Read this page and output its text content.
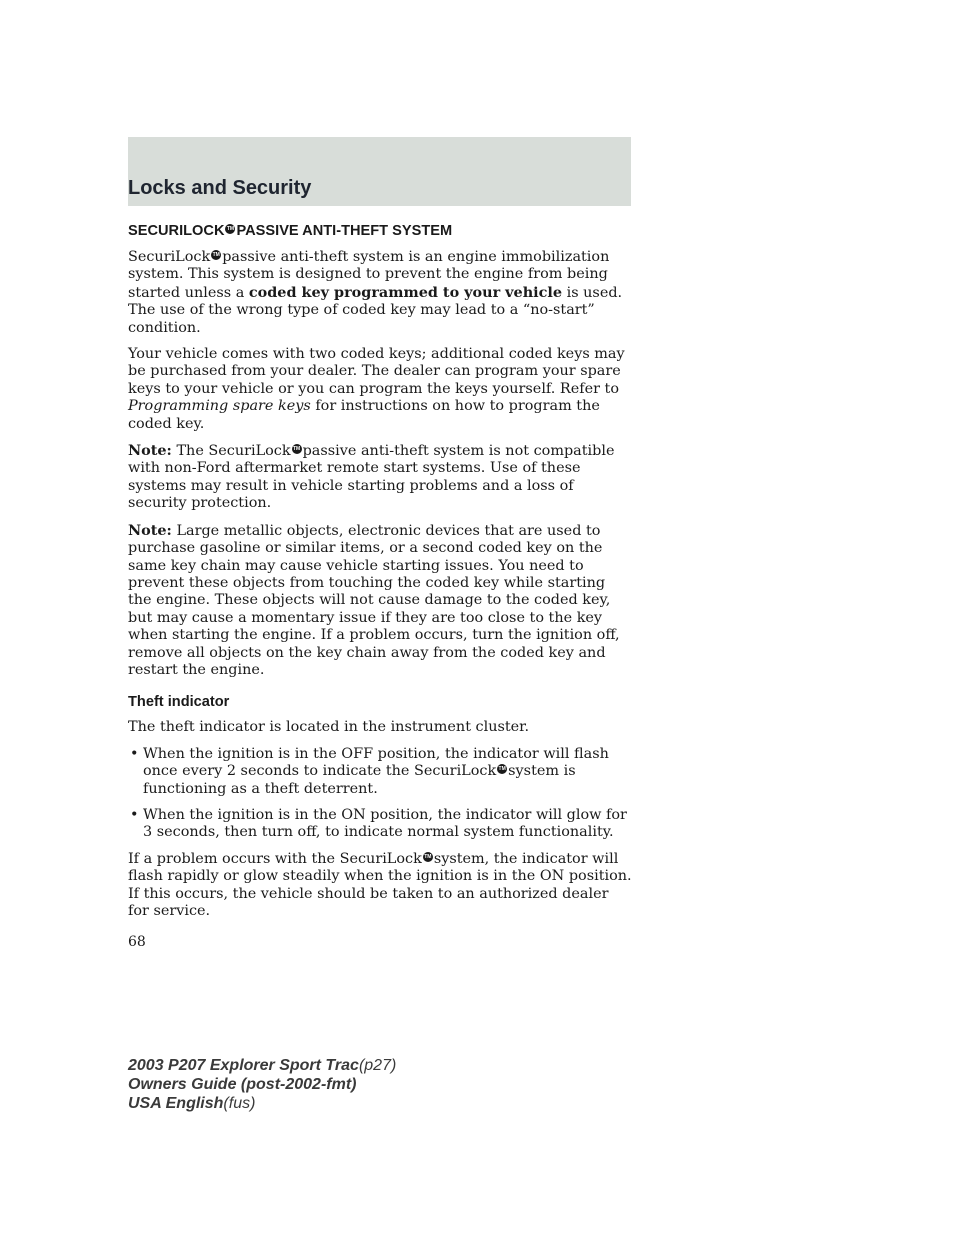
Locks and Security
SECURILOCK TM PASSIVE ANTI-THEFT SYSTEM

SecuriLock TM passive anti-theft system is an engine immobilization system. This system is designed to prevent the engine from being started unless a coded key programmed to your vehicle is used. The use of the wrong type of coded key may lead to a “no-start” condition.

Your vehicle comes with two coded keys; additional coded keys may be purchased from your dealer. The dealer can program your spare keys to your vehicle or you can program the keys yourself. Refer to Programming spare keys for instructions on how to program the coded key.

Note: The SecuriLock TM passive anti-theft system is not compatible with non-Ford aftermarket remote start systems. Use of these systems may result in vehicle starting problems and a loss of security protection.

Note: Large metallic objects, electronic devices that are used to purchase gasoline or similar items, or a second coded key on the same key chain may cause vehicle starting issues. You need to prevent these objects from touching the coded key while starting the engine. These objects will not cause damage to the coded key, but may cause a momentary issue if they are too close to the key when starting the engine. If a problem occurs, turn the ignition off, remove all objects on the key chain away from the coded key and restart the engine.

Theft indicator

The theft indicator is located in the instrument cluster.

• When the ignition is in the OFF position, the indicator will flash once every 2 seconds to indicate the SecuriLock TM system is functioning as a theft deterrent.
• When the ignition is in the ON position, the indicator will glow for 3 seconds, then turn off, to indicate normal system functionality.

If a problem occurs with the SecuriLock TM system, the indicator will flash rapidly or glow steadily when the ignition is in the ON position. If this occurs, the vehicle should be taken to an authorized dealer for service.

68
2003 P207 Explorer Sport Trac(p27)
Owners Guide (post-2002-fmt)
USA English(fus)
